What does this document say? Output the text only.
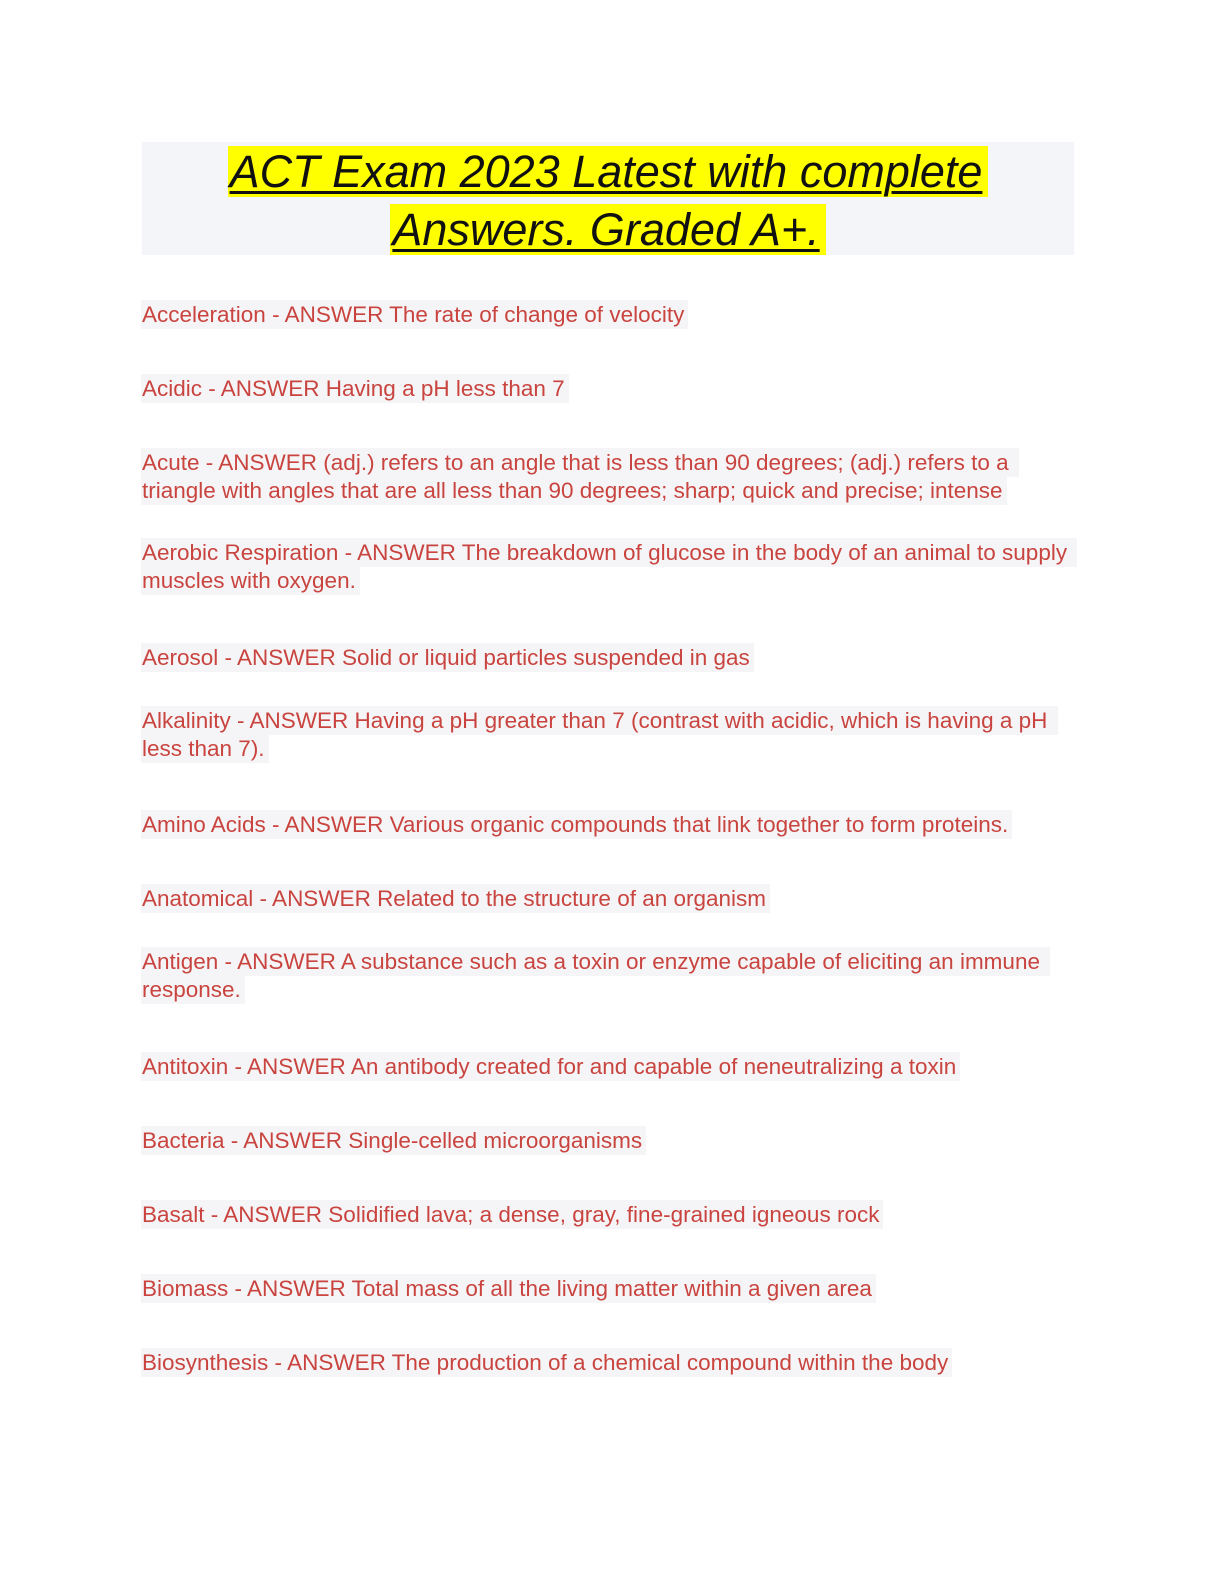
ACT Exam 2023 Latest with complete
Answers. Graded A+.
Acceleration - ANSWER The rate of change of velocity
Acidic - ANSWER Having a pH less than 7
Acute - ANSWER (adj.) refers to an angle that is less than 90 degrees; (adj.) refers to a triangle with angles that are all less than 90 degrees; sharp; quick and precise; intense
Aerobic Respiration - ANSWER The breakdown of glucose in the body of an animal to supply muscles with oxygen.
Aerosol - ANSWER Solid or liquid particles suspended in gas
Alkalinity - ANSWER Having a pH greater than 7 (contrast with acidic, which is having a pH less than 7).
Amino Acids - ANSWER Various organic compounds that link together to form proteins.
Anatomical - ANSWER Related to the structure of an organism
Antigen - ANSWER A substance such as a toxin or enzyme capable of eliciting an immune response.
Antitoxin - ANSWER An antibody created for and capable of neneutralizing a toxin
Bacteria - ANSWER Single-celled microorganisms
Basalt - ANSWER Solidified lava; a dense, gray, fine-grained igneous rock
Biomass - ANSWER Total mass of all the living matter within a given area
Biosynthesis - ANSWER The production of a chemical compound within the body
